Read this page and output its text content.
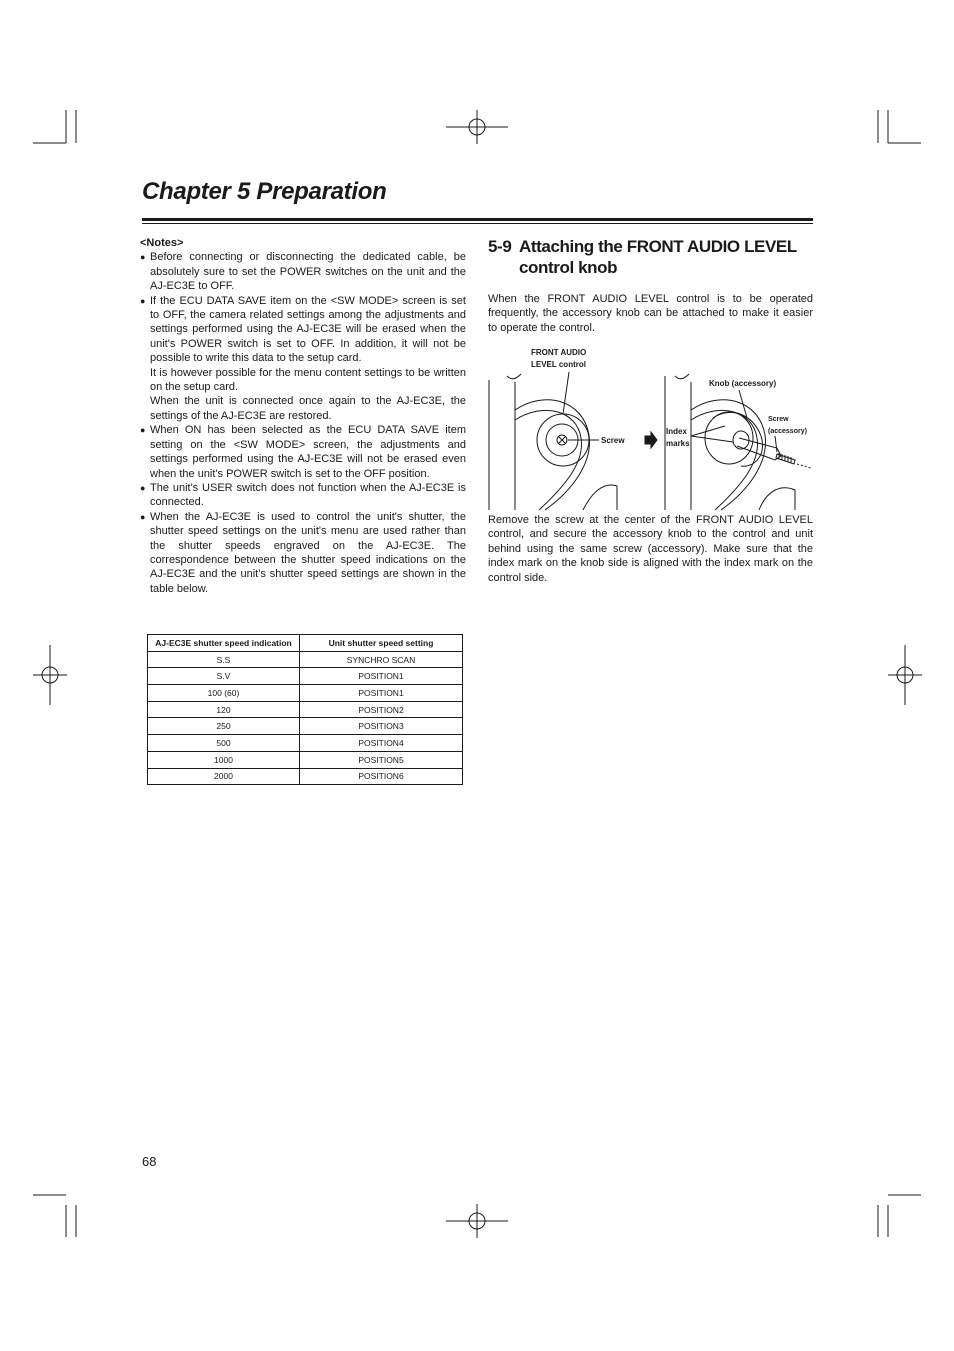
Chapter 5 Preparation
<Notes>
● Before connecting or disconnecting the dedicated cable, be absolutely sure to set the POWER switches on the unit and the AJ-EC3E to OFF.

● If the ECU DATA SAVE item on the <SW MODE> screen is set to OFF, the camera related settings among the adjustments and settings performed using the AJ-EC3E will be erased when the unit's POWER switch is set to OFF. In addition, it will not be possible to write this data to the setup card.

It is however possible for the menu content settings to be written on the setup card.

When the unit is connected once again to the AJ-EC3E, the settings of the AJ-EC3E are restored.

● When ON has been selected as the ECU DATA SAVE item setting on the <SW MODE> screen, the adjustments and settings performed using the AJ-EC3E will not be erased even when the unit's POWER switch is set to the OFF position.

● The unit's USER switch does not function when the AJ-EC3E is connected.

● When the AJ-EC3E is used to control the unit's shutter, the shutter speed settings on the unit's menu are used rather than the shutter speeds engraved on the AJ-EC3E. The correspondence between the shutter speed indications on the AJ-EC3E and the unit's shutter speed settings are shown in the table below.

AJ-EC3E shutter speed indication	Unit shutter speed setting
S.S	SYNCHRO SCAN
S.V	POSITION1
100 (60)	POSITION1
120	POSITION2
250	POSITION3
500	POSITION4
1000	POSITION5
2000	POSITION6
5-9 Attaching the FRONT AUDIO LEVEL
control knob

When the FRONT AUDIO LEVEL control is to be operated frequently, the accessory knob can be attached to make it easier to operate the control.

FRONT AUDIO
LEVEL control
Screw
Knob (accessory)
Index
marks
Screw
(accessory)

Remove the screw at the center of the FRONT AUDIO LEVEL control, and secure the accessory knob to the control and unit behind using the same screw (accessory). Make sure that the index mark on the knob side is aligned with the index mark on the control side.

68
